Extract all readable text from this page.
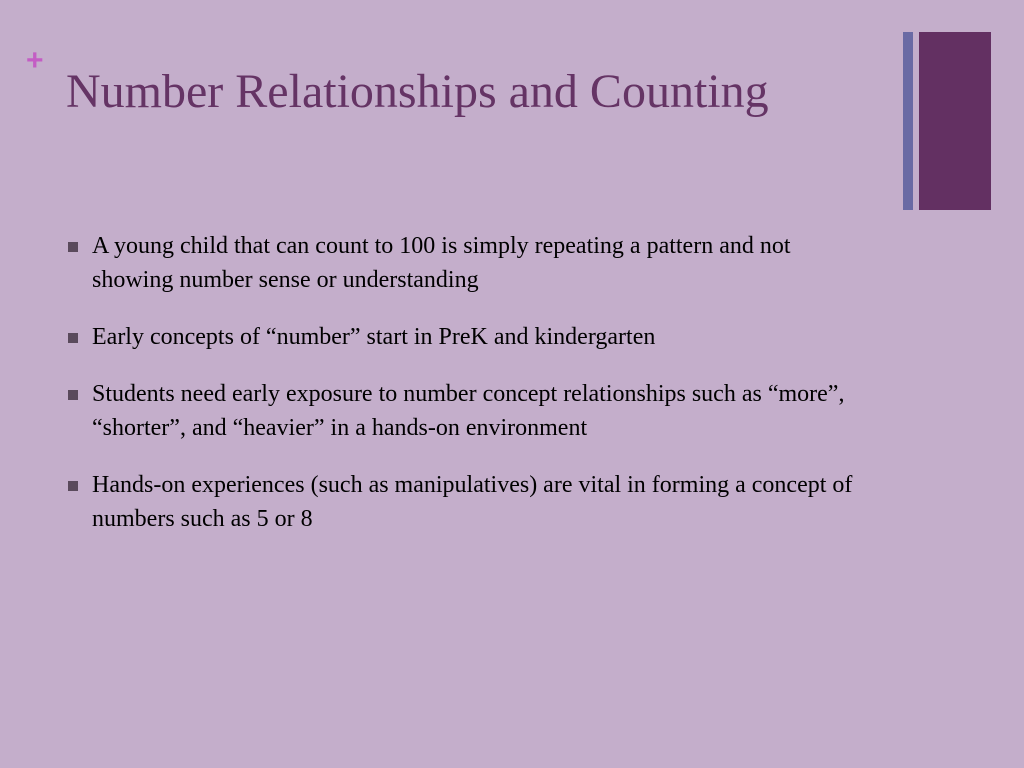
+
Number Relationships and Counting
A young child that can count to 100 is simply repeating a pattern and not showing number sense or understanding
Early concepts of “number” start in PreK and kindergarten
Students need early exposure to number concept relationships such as “more”, “shorter”, and “heavier” in a hands-on environment
Hands-on experiences (such as manipulatives) are vital in forming a concept of numbers such as 5 or 8
